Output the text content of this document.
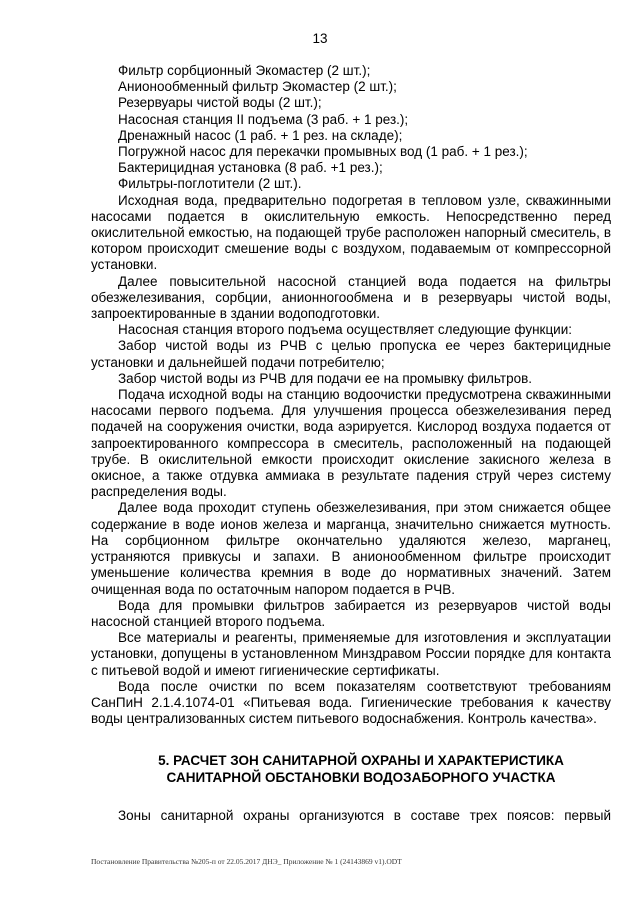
13
Фильтр сорбционный Экомастер (2 шт.);
Анионообменный фильтр Экомастер (2 шт.);
Резервуары чистой воды (2 шт.);
Насосная станция II подъема (3 раб. + 1 рез.);
Дренажный насос (1 раб. + 1 рез. на складе);
Погружной насос для перекачки промывных вод (1 раб. + 1 рез.);
Бактерицидная установка (8 раб. +1 рез.);
Фильтры-поглотители (2 шт.).

Исходная вода, предварительно подогретая в тепловом узле, скважинными насосами подается в окислительную емкость. Непосредственно перед окислительной емкостью, на подающей трубе расположен напорный смеситель, в котором происходит смешение воды с воздухом, подаваемым от компрессорной установки.

Далее повысительной насосной станцией вода подается на фильтры обезжелезивания, сорбции, анионногообмена и в резервуары чистой воды, запроектированные в здании водоподготовки.

Насосная станция второго подъема осуществляет следующие функции:

Забор чистой воды из РЧВ с целью пропуска ее через бактерицидные установки и дальнейшей подачи потребителю;

Забор чистой воды из РЧВ для подачи ее на промывку фильтров.

Подача исходной воды на станцию водоочистки предусмотрена скважинными насосами первого подъема. Для улучшения процесса обезжелезивания перед подачей на сооружения очистки, вода аэрируется. Кислород воздуха подается от запроектированного компрессора в смеситель, расположенный на подающей трубе. В окислительной емкости происходит окисление закисного железа в окисное, а также отдувка аммиака в результате падения струй через систему распределения воды.

Далее вода проходит ступень обезжелезивания, при этом снижается общее содержание в воде ионов железа и марганца, значительно снижается мутность. На сорбционном фильтре окончательно удаляются железо, марганец, устраняются привкусы и запахи. В анионообменном фильтре происходит уменьшение количества кремния в воде до нормативных значений. Затем очищенная вода по остаточным напором подается в РЧВ.

Вода для промывки фильтров забирается из резервуаров чистой воды насосной станцией второго подъема.

Все материалы и реагенты, применяемые для изготовления и эксплуатации установки, допущены в установленном Минздравом России порядке для контакта с питьевой водой и имеют гигиенические сертификаты.

Вода после очистки по всем показателям соответствуют требованиям СанПиН 2.1.4.1074-01 «Питьевая вода. Гигиенические требования к качеству воды централизованных систем питьевого водоснабжения. Контроль качества».

5. РАСЧЕТ ЗОН САНИТАРНОЙ ОХРАНЫ И ХАРАКТЕРИСТИКА
САНИТАРНОЙ ОБСТАНОВКИ ВОДОЗАБОРНОГО УЧАСТКА

Зоны санитарной охраны организуются в составе трех поясов: первый

Постановление Правительства №205-п от 22.05.2017 ДНЭ_ Приложение № 1 (24143869 v1).ODT
